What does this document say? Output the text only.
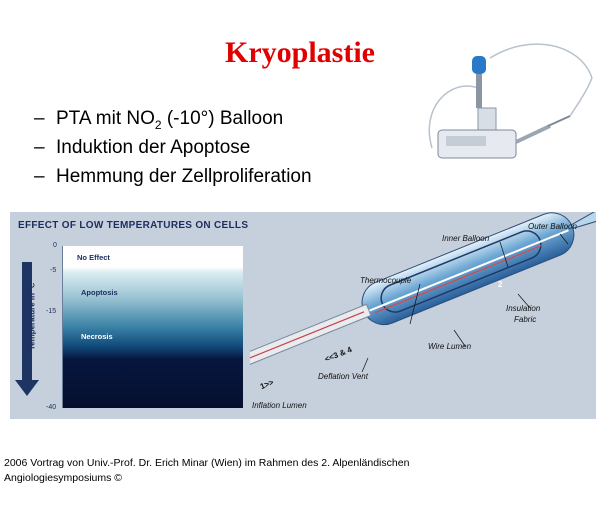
Kryoplastie
– PTA mit $NO_2$ (-10°) Balloon
– Induktion der Apoptose
– Hemmung der Zellproliferation
EFFECT OF LOW TEMPERATURES ON CELLS
Temperature in °C
0
-5
-15
-40
No Effect
Apoptosis
Necrosis
Outer Balloon
Inner Balloon
Thermocouple
Insulation
Fabric
Wire Lumen
Deflation Vent
Inflation Lumen
2
<<3 & 4
1>>
2006 Vortrag von Univ.-Prof. Dr. Erich Minar (Wien) im Rahmen des 2. Alpenländischen
Angiologiesymposiums ©
